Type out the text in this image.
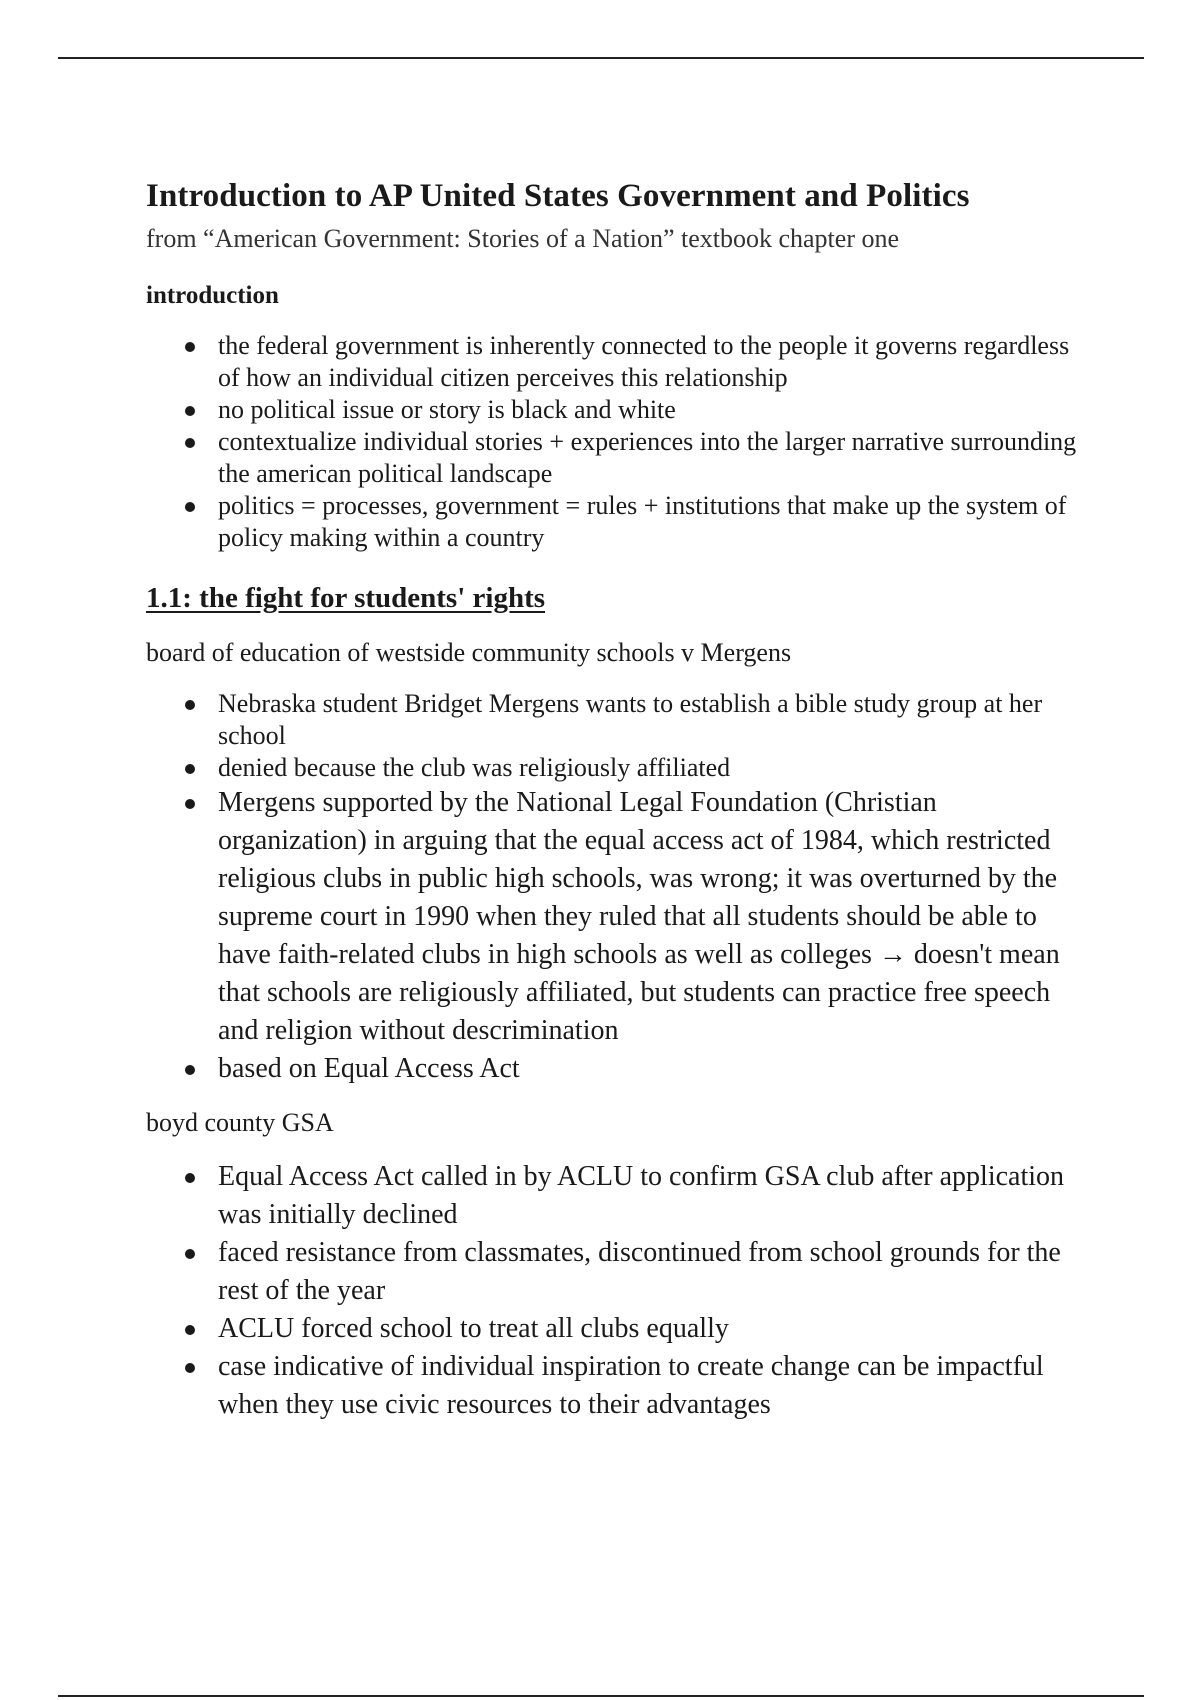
Introduction to AP United States Government and Politics

from “American Government: Stories of a Nation” textbook chapter one

introduction

the federal government is inherently connected to the people it governs regardless of how an individual citizen perceives this relationship
no political issue or story is black and white
contextualize individual stories + experiences into the larger narrative surrounding the american political landscape
politics = processes, government = rules + institutions that make up the system of policy making within a country

1.1: the fight for students' rights

board of education of westside community schools v Mergens

Nebraska student Bridget Mergens wants to establish a bible study group at her school
denied because the club was religiously affiliated
Mergens supported by the National Legal Foundation (Christian organization) in arguing that the equal access act of 1984, which restricted religious clubs in public high schools, was wrong; it was overturned by the supreme court in 1990 when they ruled that all students should be able to have faith-related clubs in high schools as well as colleges → doesn't mean that schools are religiously affiliated, but students can practice free speech and religion without descrimination
based on Equal Access Act

boyd county GSA

Equal Access Act called in by ACLU to confirm GSA club after application was initially declined
faced resistance from classmates, discontinued from school grounds for the rest of the year
ACLU forced school to treat all clubs equally
case indicative of individual inspiration to create change can be impactful when they use civic resources to their advantages
